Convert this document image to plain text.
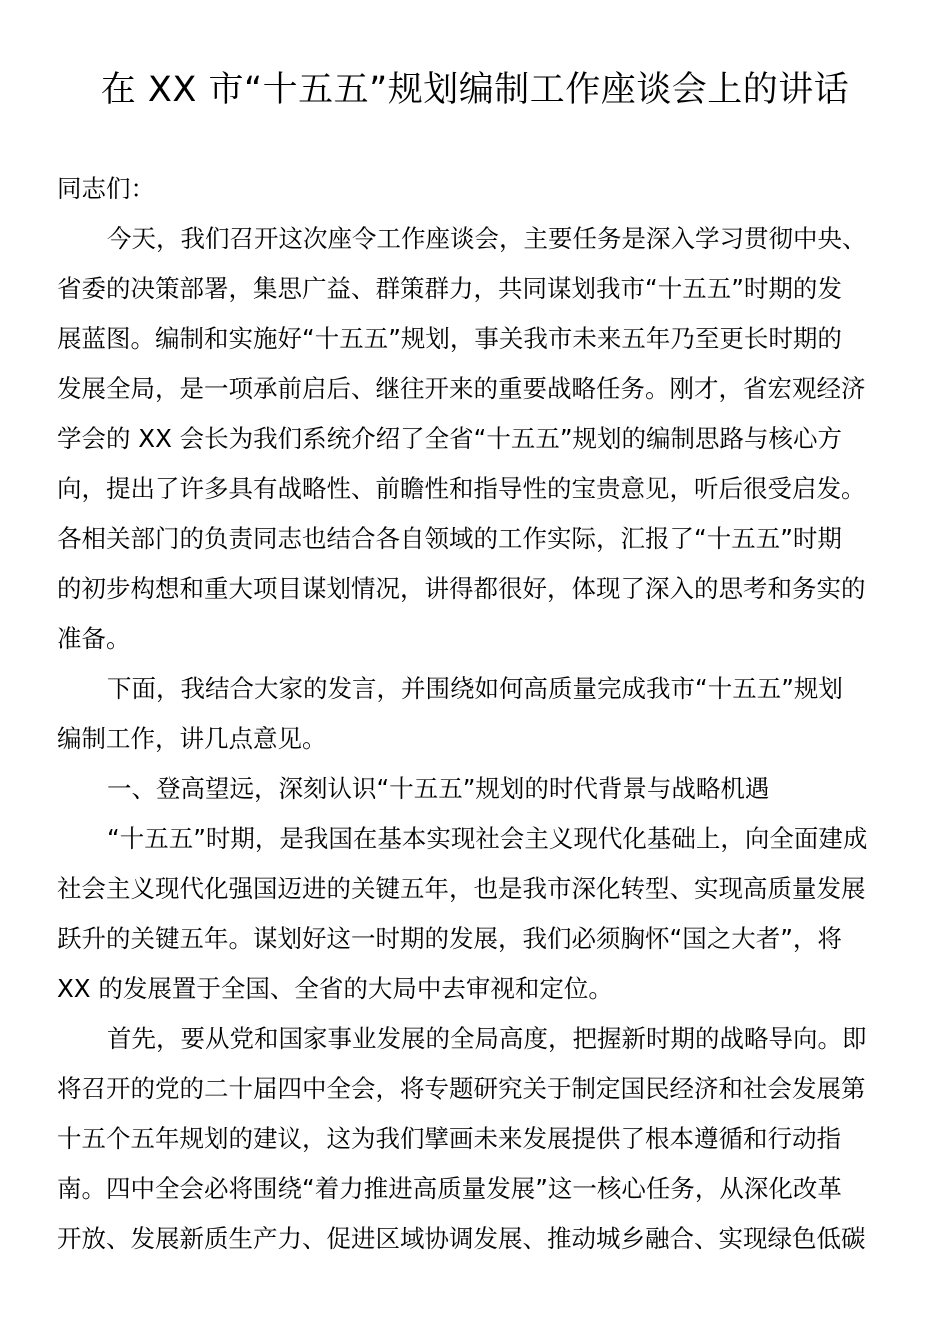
在 XX 市“十五五”规划编制工作座谈会上的讲话
同志们：
今天，我们召开这次座令工作座谈会，主要任务是深入学习贯彻中央、
省委的决策部署，集思广益、群策群力，共同谋划我市“十五五”时期的发
展蓝图。编制和实施好“十五五”规划，事关我市未来五年乃至更长时期的
发展全局，是一项承前启后、继往开来的重要战略任务。刚才，省宏观经济
学会的 XX 会长为我们系统介绍了全省“十五五”规划的编制思路与核心方
向，提出了许多具有战略性、前瞻性和指导性的宝贵意见，听后很受启发。
各相关部门的负责同志也结合各自领域的工作实际，汇报了“十五五”时期
的初步构想和重大项目谋划情况，讲得都很好，体现了深入的思考和务实的
准备。
下面，我结合大家的发言，并围绕如何高质量完成我市“十五五”规划
编制工作，讲几点意见。
一、登高望远，深刻认识“十五五”规划的时代背景与战略机遇
“十五五”时期，是我国在基本实现社会主义现代化基础上，向全面建成
社会主义现代化强国迈进的关键五年，也是我市深化转型、实现高质量发展
跃升的关键五年。谋划好这一时期的发展，我们必须胸怀“国之大者”，将
XX 的发展置于全国、全省的大局中去审视和定位。
首先，要从党和国家事业发展的全局高度，把握新时期的战略导向。即
将召开的党的二十届四中全会，将专题研究关于制定国民经济和社会发展第
十五个五年规划的建议，这为我们擘画未来发展提供了根本遵循和行动指
南。四中全会必将围绕“着力推进高质量发展”这一核心任务，从深化改革
开放、发展新质生产力、促进区域协调发展、推动城乡融合、实现绿色低碳
